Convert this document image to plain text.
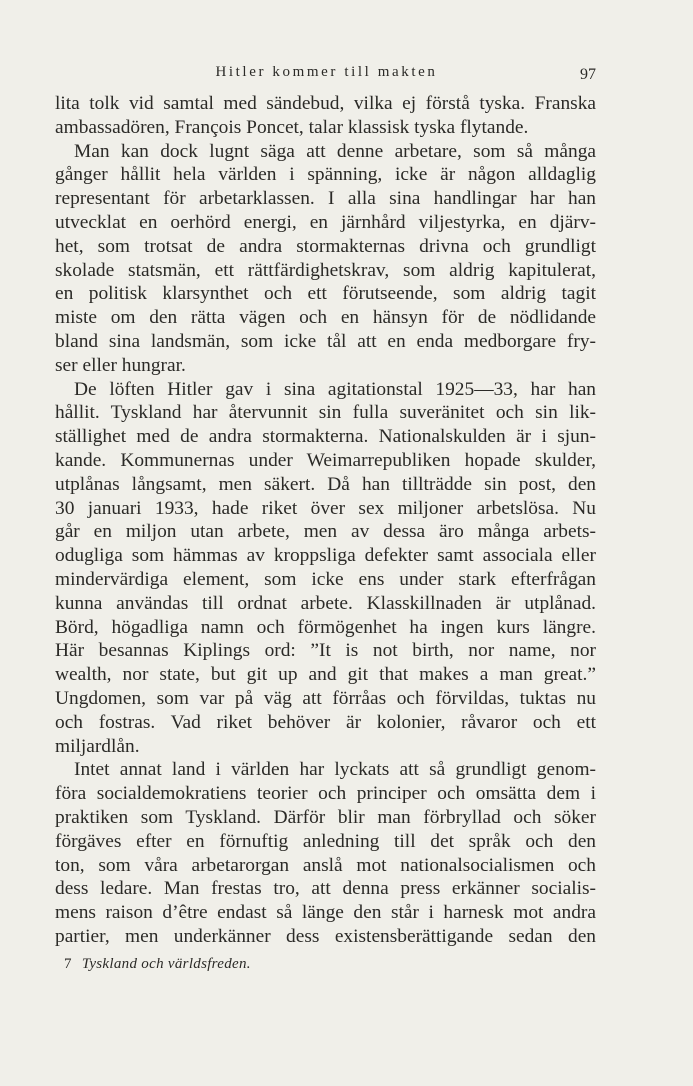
Hitler kommer till makten	97
lita tolk vid samtal med sändebud, vilka ej förstå tyska. Franska
ambassadören, François Poncet, talar klassisk tyska flytande.
Man kan dock lugnt säga att denne arbetare, som så många
gånger hållit hela världen i spänning, icke är någon alldaglig
representant för arbetarklassen. I alla sina handlingar har han
utvecklat en oerhörd energi, en järnhård viljestyrka, en djärv-
het, som trotsat de andra stormakternas drivna och grundligt
skolade statsmän, ett rättfärdighetskrav, som aldrig kapitulerat,
en politisk klarsynthet och ett förutseende, som aldrig tagit
miste om den rätta vägen och en hänsyn för de nödlidande
bland sina landsmän, som icke tål att en enda medborgare fry-
ser eller hungrar.
De löften Hitler gav i sina agitationstal 1925—33, har han
hållit. Tyskland har återvunnit sin fulla suveränitet och sin lik-
ställighet med de andra stormakterna. Nationalskulden är i sjun-
kande. Kommunernas under Weimarrepubliken hopade skulder,
utplånas långsamt, men säkert. Då han tillträdde sin post, den
30 januari 1933, hade riket över sex miljoner arbetslösa. Nu
går en miljon utan arbete, men av dessa äro många arbets-
odugliga som hämmas av kroppsliga defekter samt associala eller
mindervärdiga element, som icke ens under stark efterfrågan
kunna användas till ordnat arbete. Klasskillnaden är utplånad.
Börd, högadliga namn och förmögenhet ha ingen kurs längre.
Här besannas Kiplings ord: ”It is not birth, nor name, nor
wealth, nor state, but git up and git that makes a man great.”
Ungdomen, som var på väg att förråas och förvildas, tuktas nu
och fostras. Vad riket behöver är kolonier, råvaror och ett
miljardlån.
Intet annat land i världen har lyckats att så grundligt genom-
föra socialdemokratiens teorier och principer och omsätta dem i
praktiken som Tyskland. Därför blir man förbryllad och söker
förgäves efter en förnuftig anledning till det språk och den
ton, som våra arbetarorgan anslå mot nationalsocialismen och
dess ledare. Man frestas tro, att denna press erkänner socialis-
mens raison d’être endast så länge den står i harnesk mot andra
partier, men underkänner dess existensberättigande sedan den
7 Tyskland och världsfreden.
